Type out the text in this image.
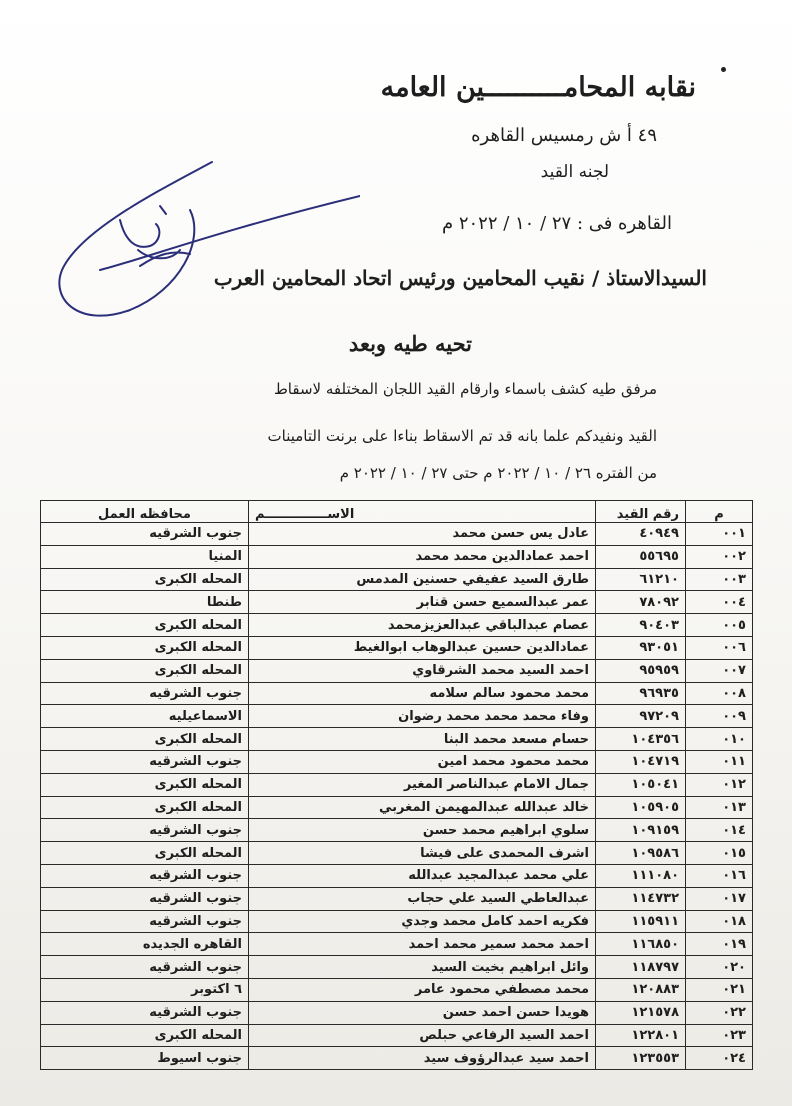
نقابه المحامــــــــــين العامه
٤٩ أ ش رمسيس القاهره
لجنه القيد
القاهره فى : ٢٧ / ١٠ / ٢٠٢٢ م
السيدالاستاذ / نقيب المحامين ورئيس اتحاد المحامين العرب
تحيه طيه وبعد
مرفق طيه كشف باسماء وارقام القيد اللجان المختلفه لاسقاط
القيد ونفيدكم علما بانه قد تم الاسقاط بناءا على برنت التامينات
من الفتره ٢٦ / ١٠ / ٢٠٢٢ م حتى ٢٧ / ١٠ / ٢٠٢٢ م
م	رقم القيد	الاســــــــــــــم	محافظه العمل
٠٠١	٤٠٩٤٩	عادل يس حسن محمد	جنوب الشرقيه
٠٠٢	٥٥٦٩٥	احمد عمادالدين محمد محمد	المنيا
٠٠٣	٦١٢١٠	طارق السيد عفيفي حسنين المدمس	المحله الكبرى
٠٠٤	٧٨٠٩٢	عمر عبدالسميع حسن قنابر	طنطا
٠٠٥	٩٠٤٠٣	عصام عبدالباقي عبدالعزيزمحمد	المحله الكبرى
٠٠٦	٩٣٠٥١	عمادالدين حسين عبدالوهاب ابوالغيط	المحله الكبرى
٠٠٧	٩٥٩٥٩	احمد السيد محمد الشرقاوي	المحله الكبرى
٠٠٨	٩٦٩٣٥	محمد محمود سالم سلامه	جنوب الشرقيه
٠٠٩	٩٧٢٠٩	وفاء محمد محمد محمد رضوان	الاسماعيليه
٠١٠	١٠٤٣٥٦	حسام مسعد محمد البنا	المحله الكبرى
٠١١	١٠٤٧١٩	محمد محمود محمد امين	جنوب الشرقيه
٠١٢	١٠٥٠٤١	جمال الامام عبدالناصر المغير	المحله الكبرى
٠١٣	١٠٥٩٠٥	خالد عبدالله عبدالمهيمن المغربي	المحله الكبرى
٠١٤	١٠٩١٥٩	سلوي ابراهيم محمد حسن	جنوب الشرقيه
٠١٥	١٠٩٥٨٦	اشرف المحمدى على فيشا	المحله الكبرى
٠١٦	١١١٠٨٠	علي محمد عبدالمجيد عبدالله	جنوب الشرقيه
٠١٧	١١٤٧٣٢	عبدالعاطي السيد علي حجاب	جنوب الشرقيه
٠١٨	١١٥٩١١	فكريه احمد كامل محمد وجدي	جنوب الشرقيه
٠١٩	١١٦٨٥٠	احمد محمد سمير محمد احمد	القاهره الجديده
٠٢٠	١١٨٧٩٧	وائل ابراهيم بخيت السيد	جنوب الشرقيه
٠٢١	١٢٠٨٨٣	محمد مصطفي محمود عامر	٦ اكتوبر
٠٢٢	١٢١٥٧٨	هويدا حسن احمد حسن	جنوب الشرقيه
٠٢٣	١٢٢٨٠١	احمد السيد الرفاعي حبلص	المحله الكبرى
٠٢٤	١٢٣٥٥٣	احمد سيد عبدالرؤوف سيد	جنوب اسيوط
